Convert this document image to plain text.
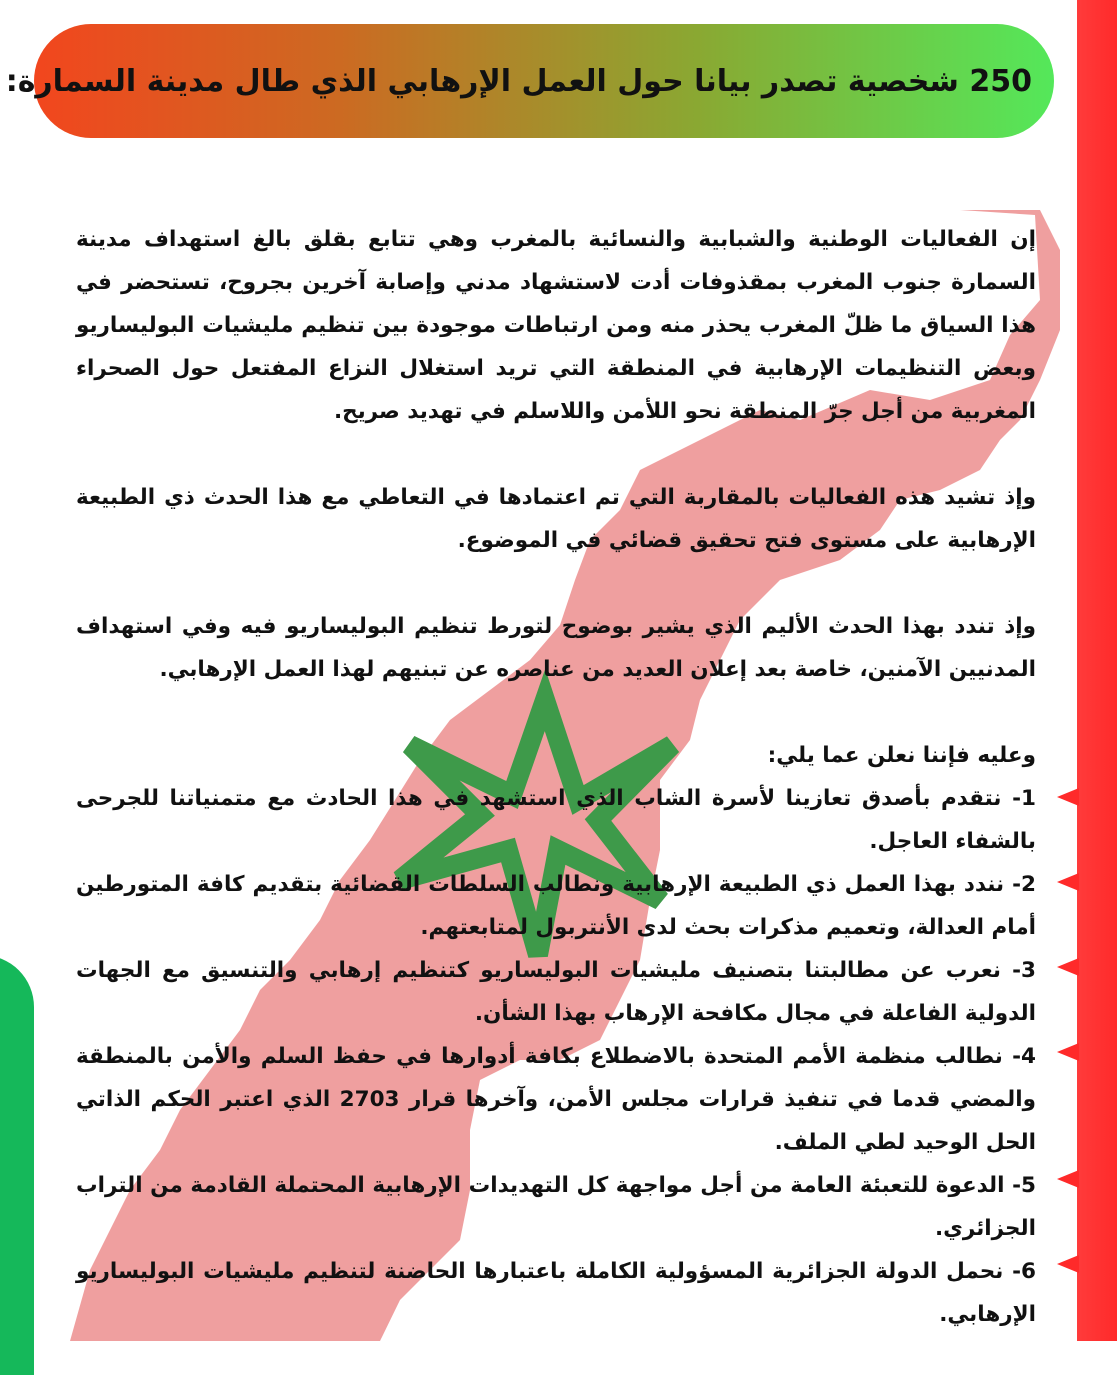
250 شخصية تصدر بيانا حول العمل الإرهابي الذي طال مدينة السمارة:

إن الفعاليات الوطنية والشبابية والنسائية بالمغرب وهي تتابع بقلق بالغ استهداف مدينة السمارة جنوب المغرب بمقذوفات أدت لاستشهاد مدني وإصابة آخرين بجروح، تستحضر في هذا السياق ما ظلّ المغرب يحذر منه ومن ارتباطات موجودة بين تنظيم مليشيات البوليساريو وبعض التنظيمات الإرهابية في المنطقة التي تريد استغلال النزاع المفتعل حول الصحراء المغربية من أجل جرّ المنطقة نحو اللأمن واللاسلم في تهديد صريح.

وإذ تشيد هذه الفعاليات بالمقاربة التي تم اعتمادها في التعاطي مع هذا الحدث ذي الطبيعة الإرهابية على مستوى فتح تحقيق قضائي في الموضوع.

وإذ تندد بهذا الحدث الأليم الذي يشير بوضوح لتورط تنظيم البوليساريو فيه وفي استهداف المدنيين الآمنين، خاصة بعد إعلان العديد من عناصره عن تبنيهم لهذا العمل الإرهابي.

وعليه فإننا نعلن عما يلي:
1- نتقدم بأصدق تعازينا لأسرة الشاب الذي استشهد في هذا الحادث مع متمنياتنا للجرحى بالشفاء العاجل.
2- نندد بهذا العمل ذي الطبيعة الإرهابية ونطالب السلطات القضائية بتقديم كافة المتورطين أمام العدالة، وتعميم مذكرات بحث لدى الأنتربول لمتابعتهم.
3- نعرب عن مطالبتنا بتصنيف مليشيات البوليساريو كتنظيم إرهابي والتنسيق مع الجهات الدولية الفاعلة في مجال مكافحة الإرهاب بهذا الشأن.
4- نطالب منظمة الأمم المتحدة بالاضطلاع بكافة أدوارها في حفظ السلم والأمن بالمنطقة والمضي قدما في تنفيذ قرارات مجلس الأمن، وآخرها قرار 2703 الذي اعتبر الحكم الذاتي الحل الوحيد لطي الملف.
5- الدعوة للتعبئة العامة من أجل مواجهة كل التهديدات الإرهابية المحتملة القادمة من التراب الجزائري.
6- نحمل الدولة الجزائرية المسؤولية الكاملة باعتبارها الحاضنة لتنظيم مليشيات البوليساريو الإرهابي.
